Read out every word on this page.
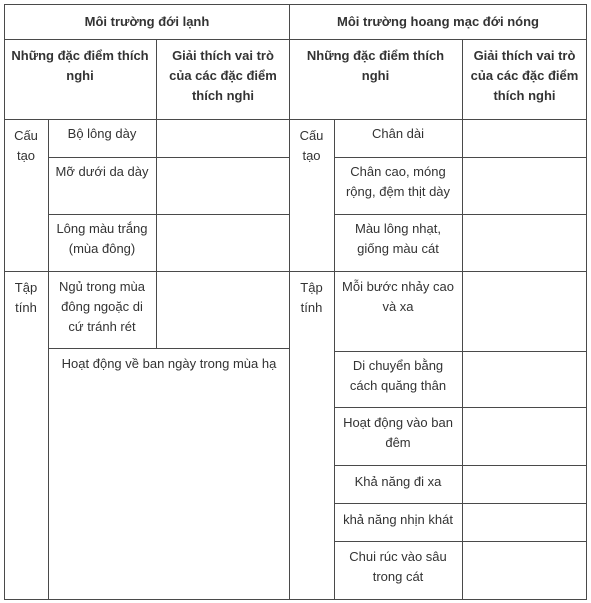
Môi trường đới lạnh	Môi trường hoang mạc đới nóng
Những đặc điểm thích
nghi
Giải thích vai trò
của các đặc điểm
thích nghi
Những đặc điểm thích
nghi
Giải thích vai trò
của các đặc điểm
thích nghi
Cấu
tạo
Tập
tính
Bộ lông dày
Mỡ dưới da dày
Lông màu trắng
(mùa đông)
Ngủ trong mùa
đông ngoặc di
cứ tránh rét
Hoạt động về ban ngày trong mùa hạ
Cấu
tạo
Tập
tính
Chân dài
Chân cao, móng
rộng, đệm thịt dày
Màu lông nhạt,
giống màu cát
Mỗi bước nhảy cao
và xa
Di chuyển bằng
cách quăng thân
Hoạt động vào ban
đêm
Khả năng đi xa
khả năng nhịn khát
Chui rúc vào sâu
trong cát
